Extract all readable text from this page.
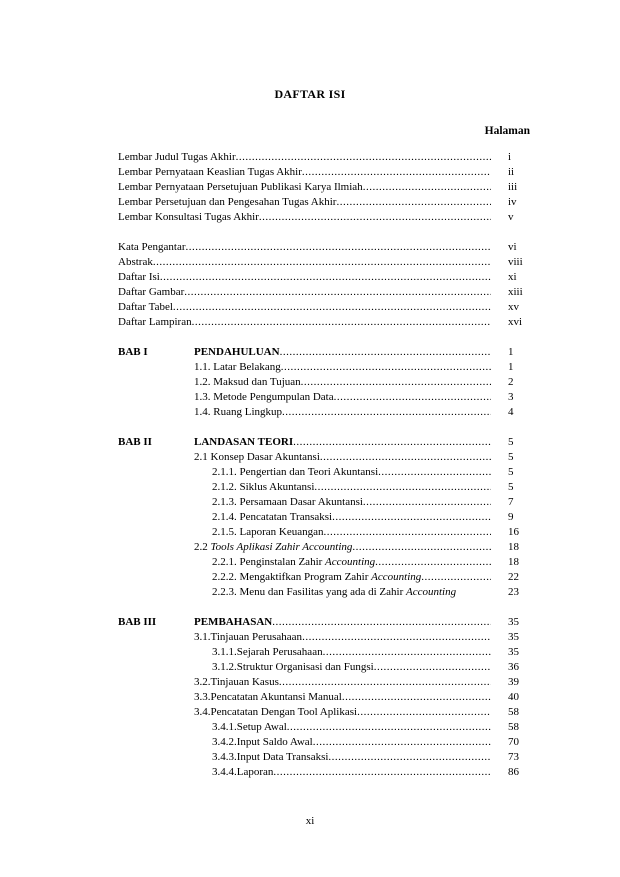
DAFTAR ISI
Halaman
Lembar Judul Tugas Akhir .....	i
Lembar Pernyataan Keaslian Tugas Akhir .....	ii
Lembar Pernyataan Persetujuan Publikasi Karya Ilmiah .....	iii
Lembar Persetujuan dan Pengesahan Tugas Akhir .....	iv
Lembar Konsultasi Tugas Akhir .....	v
Kata Pengantar .....	vi
Abstrak .....	viii
Daftar Isi .....	xi
Daftar Gambar .....	xiii
Daftar Tabel .....	xv
Daftar Lampiran .....	xvi
BAB I	PENDAHULUAN .....	1
1.1. Latar Belakang .....	1
1.2. Maksud dan Tujuan .....	2
1.3. Metode Pengumpulan Data .....	3
1.4. Ruang Lingkup .....	4
BAB II	LANDASAN TEORI .....	5
2.1 Konsep Dasar Akuntansi .....	5
2.1.1. Pengertian dan Teori Akuntansi .....	5
2.1.2. Siklus Akuntansi .....	5
2.1.3. Persamaan Dasar Akuntansi .....	7
2.1.4. Pencatatan Transaksi .....	9
2.1.5. Laporan Keuangan .....	16
2.2 Tools Aplikasi Zahir Accounting .....	18
2.2.1. Penginstalan Zahir Accounting .....	18
2.2.2. Mengaktifkan Program Zahir Accounting .....	22
2.2.3. Menu dan Fasilitas yang ada di Zahir Accounting	23
BAB III	PEMBAHASAN .....	35
3.1.Tinjauan Perusahaan .....	35
3.1.1.Sejarah Perusahaan .....	35
3.1.2.Struktur Organisasi dan Fungsi .....	36
3.2.Tinjauan Kasus .....	39
3.3.Pencatatan Akuntansi Manual .....	40
3.4.Pencatatan Dengan Tool Aplikasi .....	58
3.4.1.Setup Awal .....	58
3.4.2.Input Saldo Awal .....	70
3.4.3.Input Data Transaksi .....	73
3.4.4.Laporan .....	86
xi
